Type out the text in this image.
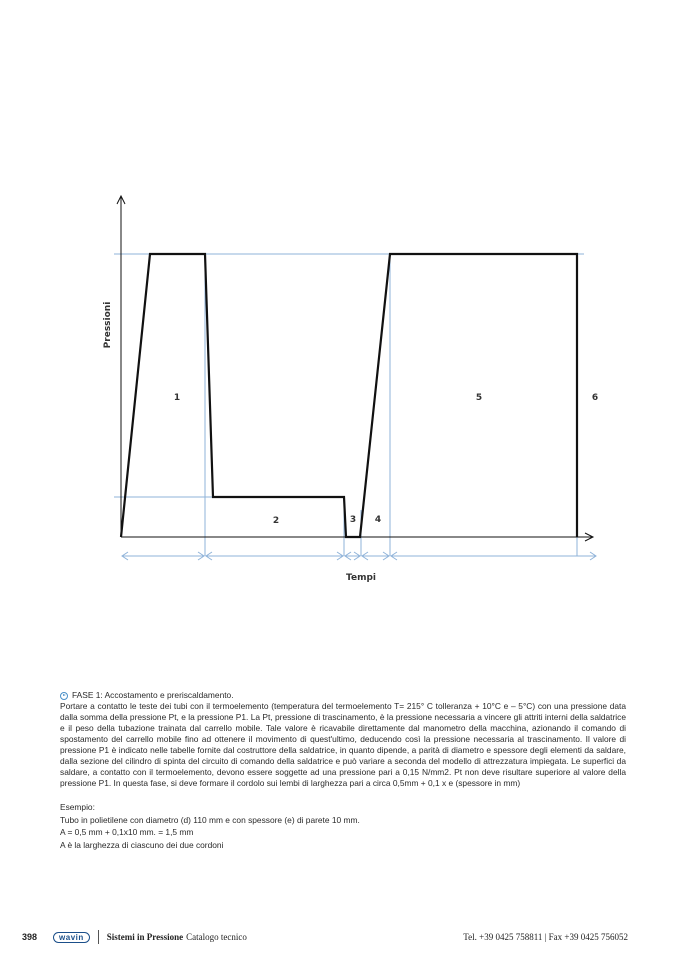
Pressioni
Tempi
1
2	3 4
5	6
FASE 1: Accostamento e preriscaldamento.

Portare a contatto le teste dei tubi con il termoelemento (temperatura del termoelemento T= 215° C tolleranza + 10°C e – 5°C) con una pressione data dalla somma della pressione Pt, e la pressione P1. La Pt, pressione di trascinamento, è la pressione necessaria a vincere gli attriti interni della saldatrice e il peso della tubazione trainata dal carrello mobile. Tale valore è ricavabile direttamente dal manometro della macchina, azionando il comando di spostamento del carrello mobile fino ad ottenere il movimento di quest'ultimo, deducendo così la pressione necessaria al trascinamento. Il valore di pressione P1 è indicato nelle tabelle fornite dal costruttore della saldatrice, in quanto dipende, a parità di diametro e spessore degli elementi da saldare, dalla sezione del cilindro di spinta del circuito di comando della saldatrice e può variare a seconda del modello di attrezzatura impiegata. Le superfici da saldare, a contatto con il termoelemento, devono essere soggette ad una pressione pari a 0,15 N/mm2. Pt non deve risultare superiore al valore della pressione P1. In questa fase, si deve formare il cordolo sui lembi di larghezza pari a circa 0,5mm + 0,1 x e (spessore in mm)

Esempio:
Tubo in polietilene con diametro (d) 110 mm e con spessore (e) di parete 10 mm.
A = 0,5 mm + 0,1x10 mm. = 1,5 mm
A è la larghezza di ciascuno dei due cordoni
398	wavin	Sistemi in Pressione Catalogo tecnico	Tel. +39 0425 758811 | Fax +39 0425 756052
